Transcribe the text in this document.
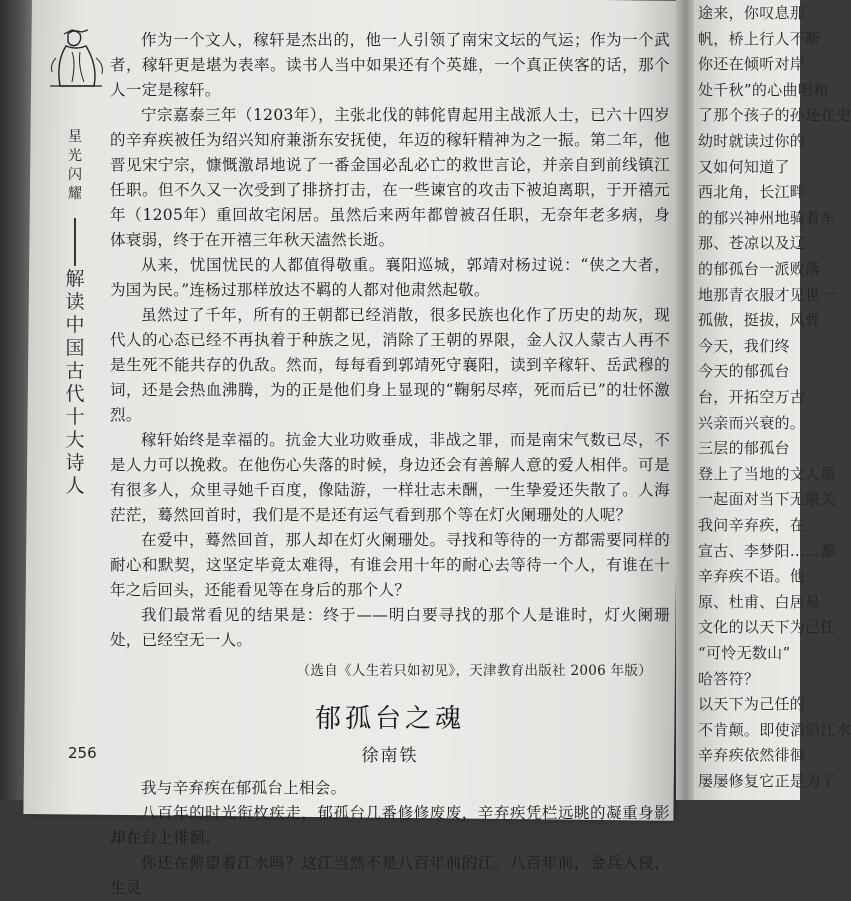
途来，你叹息那
帆，桥上行人不断
你还在倾听对岸
处千秋”的心曲唱和
了那个孩子的孙还在史
幼时就读过你的
又如何知道了
西北角，长江畔
的郁兴神州地骑着车
那、苍凉以及辽
的郁孤台一派败落
地那青衣服才见世一
孤傲，挺拔，风骨
今天，我们终
今天的郁孤台
台，开拓空万古
兴亲而兴衰的。
三层的郁孤台
登上了当地的文人墨
一起面对当下无限关
我问辛弃疾，在
宣古、李梦阳……都
辛弃疾不语。他
原、杜甫、白居易
文化的以天下为己任
“可怜无数山”
哈答符？
以天下为己任的
不肯颠。即使滔滔江水
辛弃疾依然徘徊
屡屡修复它正是为了
星光闪耀
解读中国古代十大诗人

作为一个文人，稼轩是杰出的，他一人引领了南宋文坛的气运；作为一个武者，稼轩更是堪为表率。读书人当中如果还有个英雄，一个真正侠客的话，那个人一定是稼轩。

宁宗嘉泰三年（1203年），主张北伐的韩侂胄起用主战派人士，已六十四岁的辛弃疾被任为绍兴知府兼浙东安抚使，年迈的稼轩精神为之一振。第二年，他晋见宋宁宗，慷慨激昂地说了一番金国必乱必亡的救世言论，并亲自到前线镇江任职。但不久又一次受到了排挤打击，在一些谏官的攻击下被迫离职，于开禧元年（1205年）重回故宅闲居。虽然后来两年都曾被召任职，无奈年老多病，身体衰弱，终于在开禧三年秋天溘然长逝。

从来，忧国忧民的人都值得敬重。襄阳巡城，郭靖对杨过说：“侠之大者，为国为民。”连杨过那样放达不羁的人都对他肃然起敬。

虽然过了千年，所有的王朝都已经消散，很多民族也化作了历史的劫灰，现代人的心态已经不再执着于种族之见，消除了王朝的界限，金人汉人蒙古人再不是生死不能共存的仇敌。然而，每每看到郭靖死守襄阳，读到辛稼轩、岳武穆的词，还是会热血沸腾，为的正是他们身上显现的“鞠躬尽瘁，死而后已”的壮怀激烈。

稼轩始终是幸福的。抗金大业功败垂成，非战之罪，而是南宋气数已尽，不是人力可以挽救。在他伤心失落的时候，身边还会有善解人意的爱人相伴。可是有很多人，众里寻她千百度，像陆游，一样壮志未酬，一生挚爱还失散了。人海茫茫，蓦然回首时，我们是不是还有运气看到那个等在灯火阑珊处的人呢？

在爱中，蓦然回首，那人却在灯火阑珊处。寻找和等待的一方都需要同样的耐心和默契，这坚定毕竟太难得，有谁会用十年的耐心去等待一个人，有谁在十年之后回头，还能看见等在身后的那个人？

我们最常看见的结果是：终于——明白要寻找的那个人是谁时，灯火阑珊处，已经空无一人。

（选自《人生若只如初见》，天津教育出版社 2006 年版）

郁孤台之魂
徐南铁

我与辛弃疾在郁孤台上相会。

八百年的时光衔枚疾走，郁孤台几番修修废废，辛弃疾凭栏远眺的凝重身影却在台上徘徊。

你还在俯望着江水吗？这江当然不是八百年前的江。八百年前，金兵入侵，生灵

256
